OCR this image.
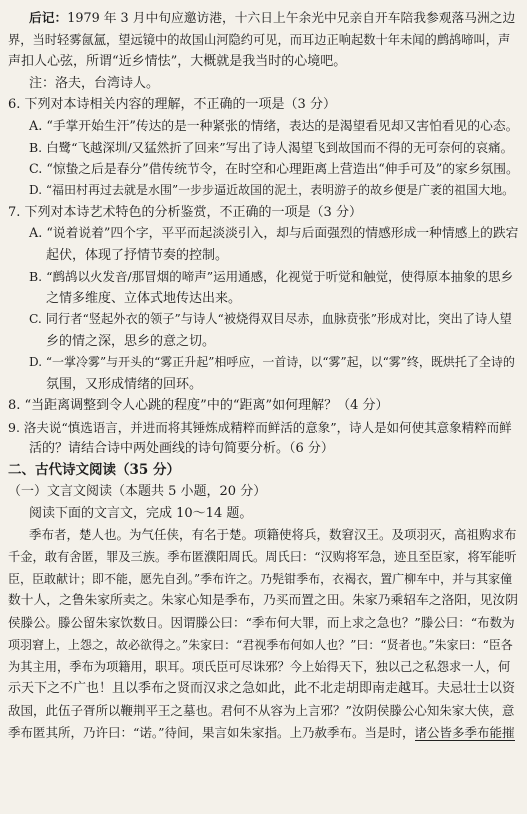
后记：1979 年 3 月中旬应邀访港，十六日上午余光中兄亲自开车陪我参观落马洲之边

界，当时轻雾氤氲，望远镜中的故国山河隐约可见，而耳边正响起数十年未闻的鹧鸪啼叫，声

声扣人心弦，所谓“近乡情怯”，大概就是我当时的心境吧。

注：洛夫，台湾诗人。

6. 下列对本诗相关内容的理解，不正确的一项是（3 分）

A. “手掌开始生汗”传达的是一种紧张的情绪，表达的是渴望看见却又害怕看见的心态。

B. 白鹭“飞越深圳/又猛然折了回来”写出了诗人渴望飞到故国而不得的无可奈何的哀痛。

C. “惊蛰之后是春分”借传统节令，在时空和心理距离上营造出“伸手可及”的家乡氛围。

D. “福田村再过去就是水围”一步步逼近故国的泥土，表明游子的故乡便是广袤的祖国大地。

7. 下列对本诗艺术特色的分析鉴赏，不正确的一项是（3 分）

A. “说着说着”四个字，平平而起淡淡引入，却与后面强烈的情感形成一种情感上的跌宕

起伏，体现了抒情节奏的控制。

B. “鹧鸪以火发音/那冒烟的啼声”运用通感，化视觉于听觉和触觉，使得原本抽象的思乡

之情多维度、立体式地传达出来。

C. 同行者“竖起外衣的领子”与诗人“被烧得双目尽赤，血脉贲张”形成对比，突出了诗人望

乡的情之深，思乡的意之切。

D. “一掌冷雾”与开头的“雾正升起”相呼应，一首诗，以“雾”起，以“雾”终，既烘托了全诗的

氛围，又形成情绪的回环。

8. “当距离调整到令人心跳的程度”中的“距离”如何理解？（4 分）

9. 洛夫说“慎选语言，并进而将其锤炼成精粹而鲜活的意象”，诗人是如何使其意象精粹而鲜

活的？请结合诗中两处画线的诗句简要分析。（6 分）

二、古代诗文阅读（35 分）

（一）文言文阅读（本题共 5 小题，20 分）

阅读下面的文言文，完成 10～14 题。

季布者，楚人也。为气任侠，有名于楚。项籍使将兵，数窘汉王。及项羽灭，高祖购求布

千金，敢有舍匿，罪及三族。季布匿濮阳周氏。周氏曰：“汉购将军急，迹且至臣家，将军能听

臣，臣敢献计；即不能，愿先自刭。”季布许之。乃髡钳季布，衣褐衣，置广柳车中，并与其家僮

数十人，之鲁朱家所卖之。朱家心知是季布，乃买而置之田。朱家乃乘轺车之洛阳，见汝阴

侯滕公。滕公留朱家饮数日。因谓滕公曰：“季布何大罪，而上求之急也？”滕公曰：“布数为

项羽窘上，上怨之，故必欲得之。”朱家曰：“君视季布何如人也？”曰：“贤者也。”朱家曰：“臣各

为其主用，季布为项籍用，职耳。项氏臣可尽诛邪？今上始得天下，独以己之私怨求一人，何

示天下之不广也！且以季布之贤而汉求之急如此，此不北走胡即南走越耳。夫忌壮士以资

敌国，此伍子胥所以鞭荆平王之墓也。君何不从容为上言邪？”汝阴侯滕公心知朱家大侠，意

季布匿其所，乃许曰：“诺。”待间，果言如朱家指。上乃赦季布。当是时，诸公皆多季布能摧
